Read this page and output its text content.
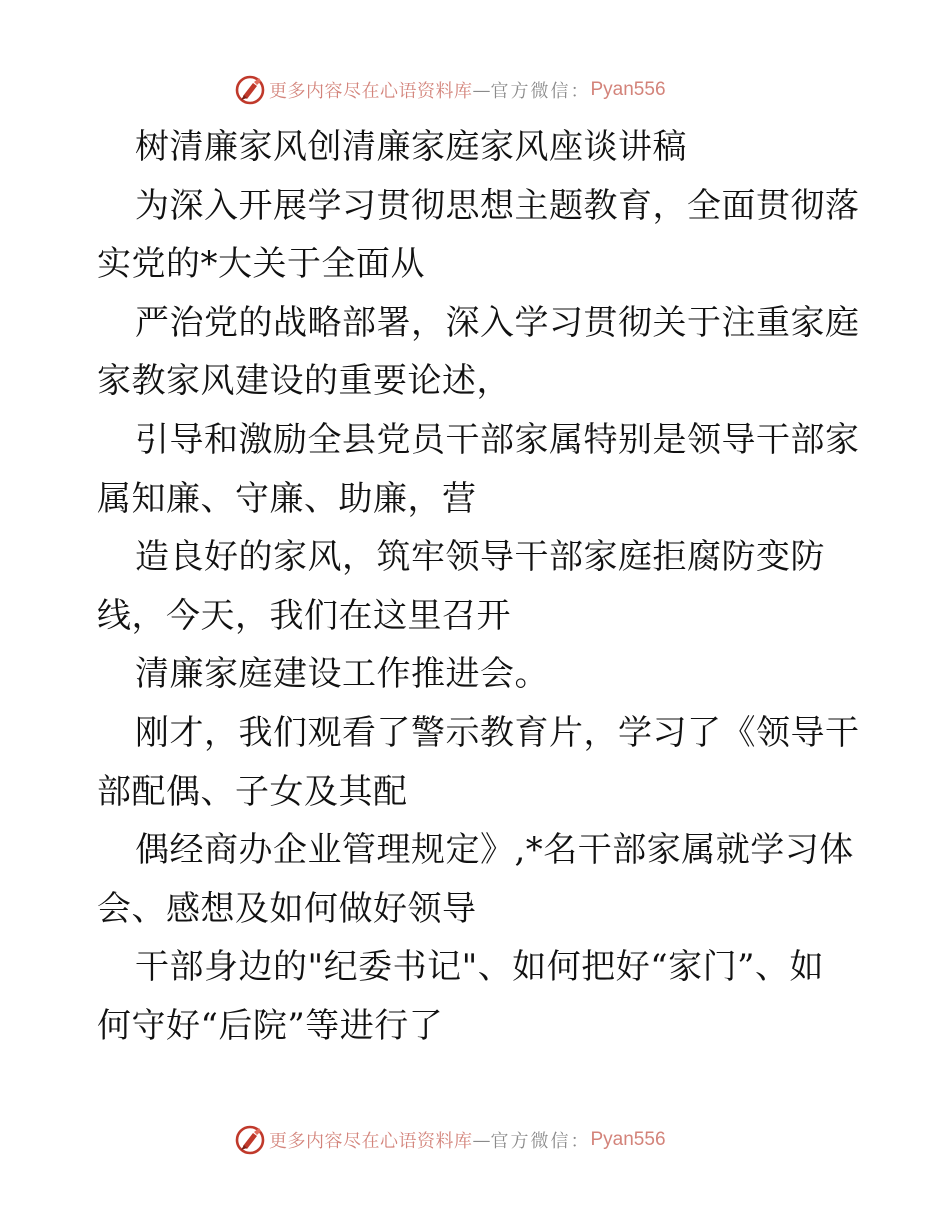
更多内容尽在心语资料库 — 官方微信： Pyan556
树清廉家风创清廉家庭家风座谈讲稿
为深入开展学习贯彻思想主题教育，全面贯彻落
实党的*大关于全面从
严治党的战略部署，深入学习贯彻关于注重家庭
家教家风建设的重要论述，
引导和激励全县党员干部家属特别是领导干部家
属知廉、守廉、助廉，营
造良好的家风，筑牢领导干部家庭拒腐防变防
线，今天，我们在这里召开
清廉家庭建设工作推进会。
刚才，我们观看了警示教育片，学习了《领导干
部配偶、子女及其配
偶经商办企业管理规定》,*名干部家属就学习体
会、感想及如何做好领导
干部身边的"纪委书记"、如何把好“家门”、如
何守好“后院”等进行了
更多内容尽在心语资料库 — 官方微信： Pyan556
